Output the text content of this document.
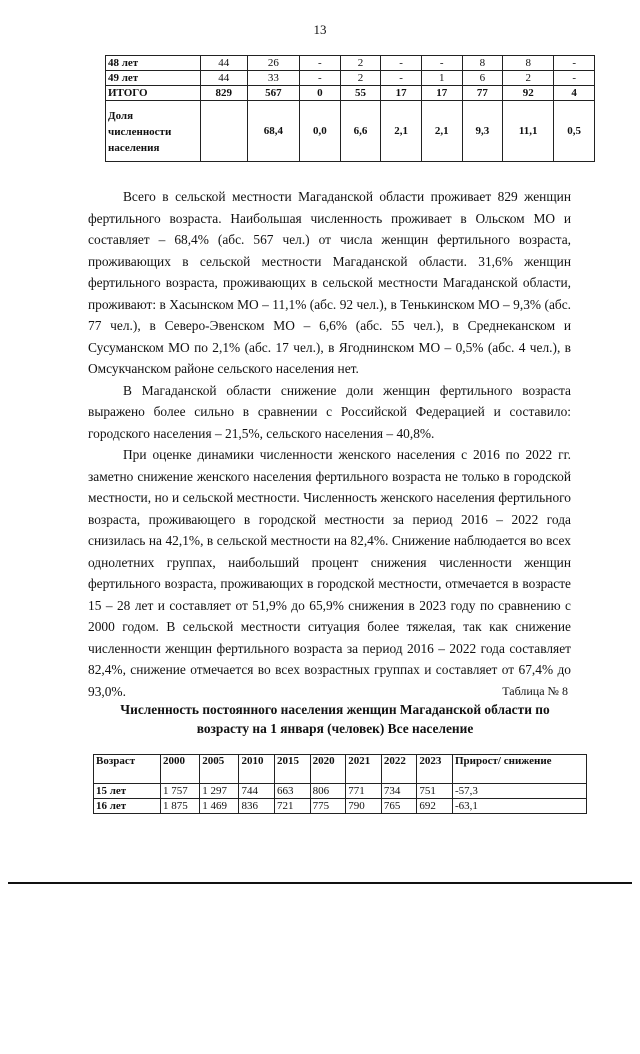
13
48 лет	44	26	-	2	-	-	8	8	-
49 лет	44	33	-	2	-	1	6	2	-
ИТОГО	829	567	0	55	17	17	77	92	4
Доля численности населения		68,4	0,0	6,6	2,1	2,1	9,3	11,1	0,5

Всего в сельской местности Магаданской области проживает 829 женщин фертильного возраста. Наибольшая численность проживает в Ольском МО и составляет – 68,4% (абс. 567 чел.) от числа женщин фертильного возраста, проживающих в сельской местности Магаданской области. 31,6% женщин фертильного возраста, проживающих в сельской местности Магаданской области, проживают: в Хасынском МО – 11,1% (абс. 92 чел.), в Тенькинском МО – 9,3% (абс. 77 чел.), в Северо-Эвенском МО – 6,6% (абс. 55 чел.), в Среднеканском и Сусуманском МО по 2,1% (абс. 17 чел.), в Ягоднинском МО – 0,5% (абс. 4 чел.), в Омсукчанском районе сельского населения нет.

В Магаданской области снижение доли женщин фертильного возраста выражено более сильно в сравнении с Российской Федерацией и составило: городского населения – 21,5%, сельского населения – 40,8%.

При оценке динамики численности женского населения с 2016 по 2022 гг. заметно снижение женского населения фертильного возраста не только в городской местности, но и сельской местности. Численность женского населения фертильного возраста, проживающего в городской местности за период 2016 – 2022 года снизилась на 42,1%, в сельской местности на 82,4%. Снижение наблюдается во всех однолетних группах, наибольший процент снижения численности женщин фертильного возраста, проживающих в городской местности, отмечается в возрасте 15 – 28 лет и составляет от 51,9% до 65,9% снижения в 2023 году по сравнению с 2000 годом. В сельской местности ситуация более тяжелая, так как снижение численности женщин фертильного возраста за период 2016 – 2022 года составляет 82,4%, снижение отмечается во всех возрастных группах и составляет от 67,4% до 93,0%.	Таблица № 8
Численность постоянного населения женщин Магаданской области по возрасту на 1 января (человек) Все население
Возраст	2000	2005	2010	2015	2020	2021	2022	2023	Прирост/ снижение
15 лет	1 757	1 297	744	663	806	771	734	751	-57,3
16 лет	1 875	1 469	836	721	775	790	765	692	-63,1
